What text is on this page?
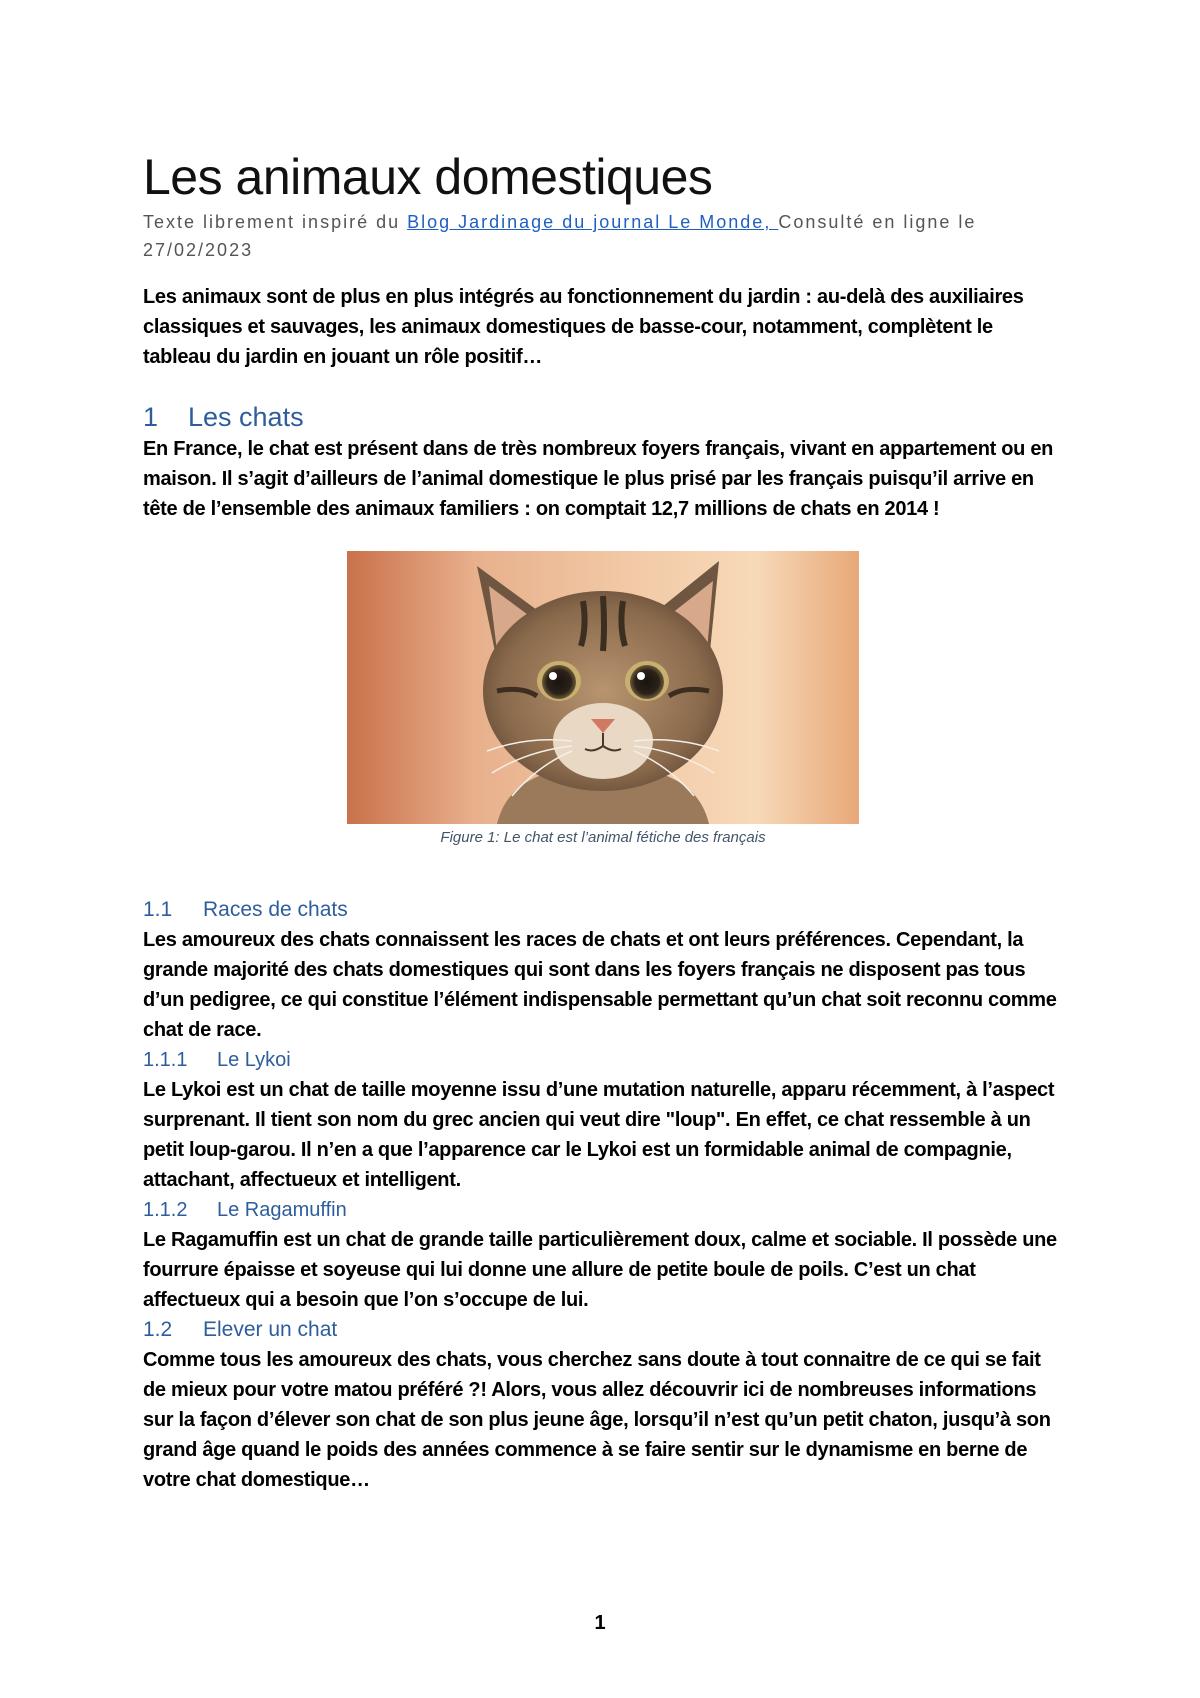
Les animaux domestiques

Texte librement inspiré du Blog Jardinage du journal Le Monde, Consulté en ligne le 27/02/2023

Les animaux sont de plus en plus intégrés au fonctionnement du jardin : au-delà des auxiliaires classiques et sauvages, les animaux domestiques de basse-cour, notamment, complètent le tableau du jardin en jouant un rôle positif…

1 Les chats

En France, le chat est présent dans de très nombreux foyers français, vivant en appartement ou en maison. Il s’agit d’ailleurs de l’animal domestique le plus prisé par les français puisqu’il arrive en tête de l’ensemble des animaux familiers : on comptait 12,7 millions de chats en 2014 !

Figure 1: Le chat est l’animal fétiche des français

1.1 Races de chats

Les amoureux des chats connaissent les races de chats et ont leurs préférences. Cependant, la grande majorité des chats domestiques qui sont dans les foyers français ne disposent pas tous d’un pedigree, ce qui constitue l’élément indispensable permettant qu’un chat soit reconnu comme chat de race.

1.1.1 Le Lykoi

Le Lykoi est un chat de taille moyenne issu d’une mutation naturelle, apparu récemment, à l’aspect surprenant. Il tient son nom du grec ancien qui veut dire "loup". En effet, ce chat ressemble à un petit loup-garou. Il n’en a que l’apparence car le Lykoi est un formidable animal de compagnie, attachant, affectueux et intelligent.

1.1.2 Le Ragamuffin

Le Ragamuffin est un chat de grande taille particulièrement doux, calme et sociable. Il possède une fourrure épaisse et soyeuse qui lui donne une allure de petite boule de poils. C’est un chat affectueux qui a besoin que l’on s’occupe de lui.

1.2 Elever un chat

Comme tous les amoureux des chats, vous cherchez sans doute à tout connaitre de ce qui se fait de mieux pour votre matou préféré ?! Alors, vous allez découvrir ici de nombreuses informations sur la façon d’élever son chat de son plus jeune âge, lorsqu’il n’est qu’un petit chaton, jusqu’à son grand âge quand le poids des années commence à se faire sentir sur le dynamisme en berne de votre chat domestique…

1
